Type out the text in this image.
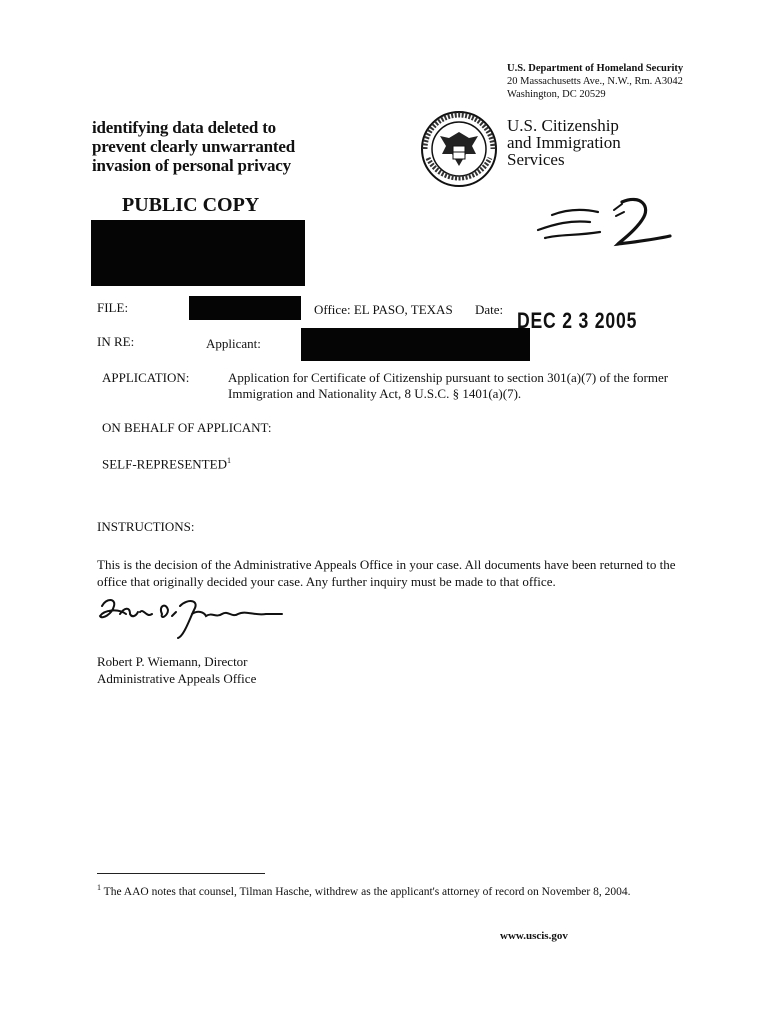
U.S. Department of Homeland Security
20 Massachusetts Ave., N.W., Rm. A3042
Washington, DC 20529
U.S. Citizenship
and Immigration
Services
identifying data deleted to
prevent clearly unwarranted
invasion of personal privacy
PUBLIC COPY
FILE:	Office: EL PASO, TEXAS Date: DEC 2 3 2005
IN RE:	Applicant:
APPLICATION:	Application for Certificate of Citizenship pursuant to section 301(a)(7) of the former Immigration and Nationality Act, 8 U.S.C. § 1401(a)(7).
ON BEHALF OF APPLICANT:
SELF-REPRESENTED$^1$
INSTRUCTIONS:
This is the decision of the Administrative Appeals Office in your case. All documents have been returned to the office that originally decided your case. Any further inquiry must be made to that office.
Robert P. Wiemann, Director
Administrative Appeals Office
$^1$ The AAO notes that counsel, Tilman Hasche, withdrew as the applicant's attorney of record on November 8, 2004.
www.uscis.gov
